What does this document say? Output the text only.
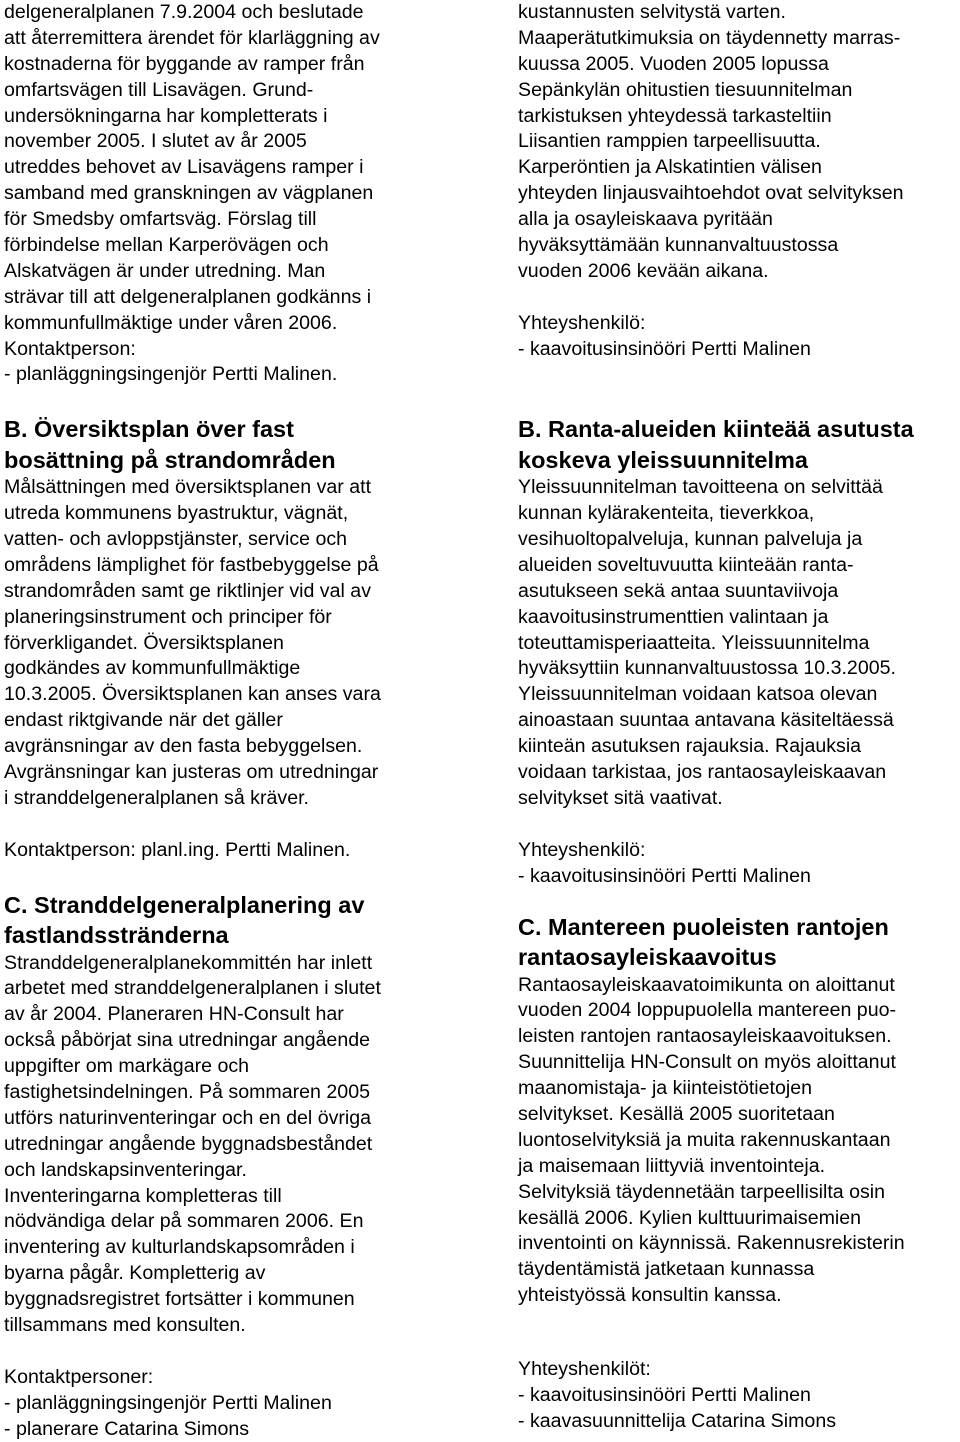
delgeneralplanen 7.9.2004 och beslutade
att återremittera ärendet för klarläggning av
kostnaderna för byggande av ramper från
omfartsvägen till Lisavägen. Grund-
undersökningarna har kompletterats i
november 2005. I slutet av år 2005
utreddes behovet av Lisavägens ramper i
samband med granskningen av vägplanen
för Smedsby omfartsväg. Förslag till
förbindelse mellan Karperövägen och
Alskatvägen är under utredning. Man
strävar till att delgeneralplanen godkänns i
kommunfullmäktige under våren 2006.
Kontaktperson:
- planläggningsingenjör Pertti Malinen.
B. Översiktsplan över fast
bosättning på strandområden
Målsättningen med översiktsplanen var att
utreda kommunens byastruktur, vägnät,
vatten- och avloppstjänster, service och
områdens lämplighet för fastbebyggelse på
strandområden samt ge riktlinjer vid val av
planeringsinstrument och principer för
förverkligandet. Översiktsplanen
godkändes av kommunfullmäktige
10.3.2005. Översiktsplanen kan anses vara
endast riktgivande när det gäller
avgränsningar av den fasta bebyggelsen.
Avgränsningar kan justeras om utredningar
i stranddelgeneralplanen så kräver.
Kontaktperson: planl.ing. Pertti Malinen.
C. Stranddelgeneralplanering av
fastlandsstränderna
Stranddelgeneralplanekommittén har inlett
arbetet med stranddelgeneralplanen i slutet
av år 2004. Planeraren HN-Consult har
också påbörjat sina utredningar angående
uppgifter om markägare och
fastighetsindelningen. På sommaren 2005
utförs naturinventeringar och en del övriga
utredningar angående byggnadsbeståndet
och landskapsinventeringar.
Inventeringarna kompletteras till
nödvändiga delar på sommaren 2006. En
inventering av kulturlandskapsområden i
byarna pågår. Kompletterig av
byggnadsregistret fortsätter i kommunen
tillsammans med konsulten.
Kontaktpersoner:
- planläggningsingenjör Pertti Malinen
- planerare Catarina Simons
kustannusten selvitystä varten.
Maaperätutkimuksia on täydennetty marras-
kuussa 2005. Vuoden 2005 lopussa
Sepänkylän ohitustien tiesuunnitelman
tarkistuksen yhteydessä tarkasteltiin
Liisantien ramppien tarpeellisuutta.
Karperöntien ja Alskatintien välisen
yhteyden linjausvaihtoehdot ovat selvityksen
alla ja osayleiskaava pyritään
hyväksyttämään kunnanvaltuustossa
vuoden 2006 kevään aikana.
Yhteyshenkilö:
- kaavoitusinsinööri Pertti Malinen
B. Ranta-alueiden kiinteää asutusta
koskeva yleissuunnitelma
Yleissuunnitelman tavoitteena on selvittää
kunnan kylärakenteita, tieverkkoa,
vesihuoltopalveluja, kunnan palveluja ja
alueiden soveltuvuutta kiinteään ranta-
asutukseen sekä antaa suuntaviivoja
kaavoitusinstrumenttien valintaan ja
toteuttamisperiaatteita. Yleissuunnitelma
hyväksyttiin kunnanvaltuustossa 10.3.2005.
Yleissuunnitelman voidaan katsoa olevan
ainoastaan suuntaa antavana käsiteltäessä
kiinteän asutuksen rajauksia. Rajauksia
voidaan tarkistaa, jos rantaosayleiskaavan
selvitykset sitä vaativat.
Yhteyshenkilö:
- kaavoitusinsinööri Pertti Malinen
C. Mantereen puoleisten rantojen
rantaosayleiskaavoitus
Rantaosayleiskaavatoimikunta on aloittanut
vuoden 2004 loppupuolella mantereen puo-
leisten rantojen rantaosayleiskaavoituksen.
Suunnittelija HN-Consult on myös aloittanut
maanomistaja- ja kiinteistötietojen
selvitykset. Kesällä 2005 suoritetaan
luontoselvityksiä ja muita rakennuskantaan
ja maisemaan liittyviä inventointeja.
Selvityksiä täydennetään tarpeellisilta osin
kesällä 2006. Kylien kulttuurimaisemien
inventointi on käynnissä. Rakennusrekisterin
täydentämistä jatketaan kunnassa
yhteistyössä konsultin kanssa.
Yhteyshenkilöt:
- kaavoitusinsinööri Pertti Malinen
- kaavasuunnittelija Catarina Simons
